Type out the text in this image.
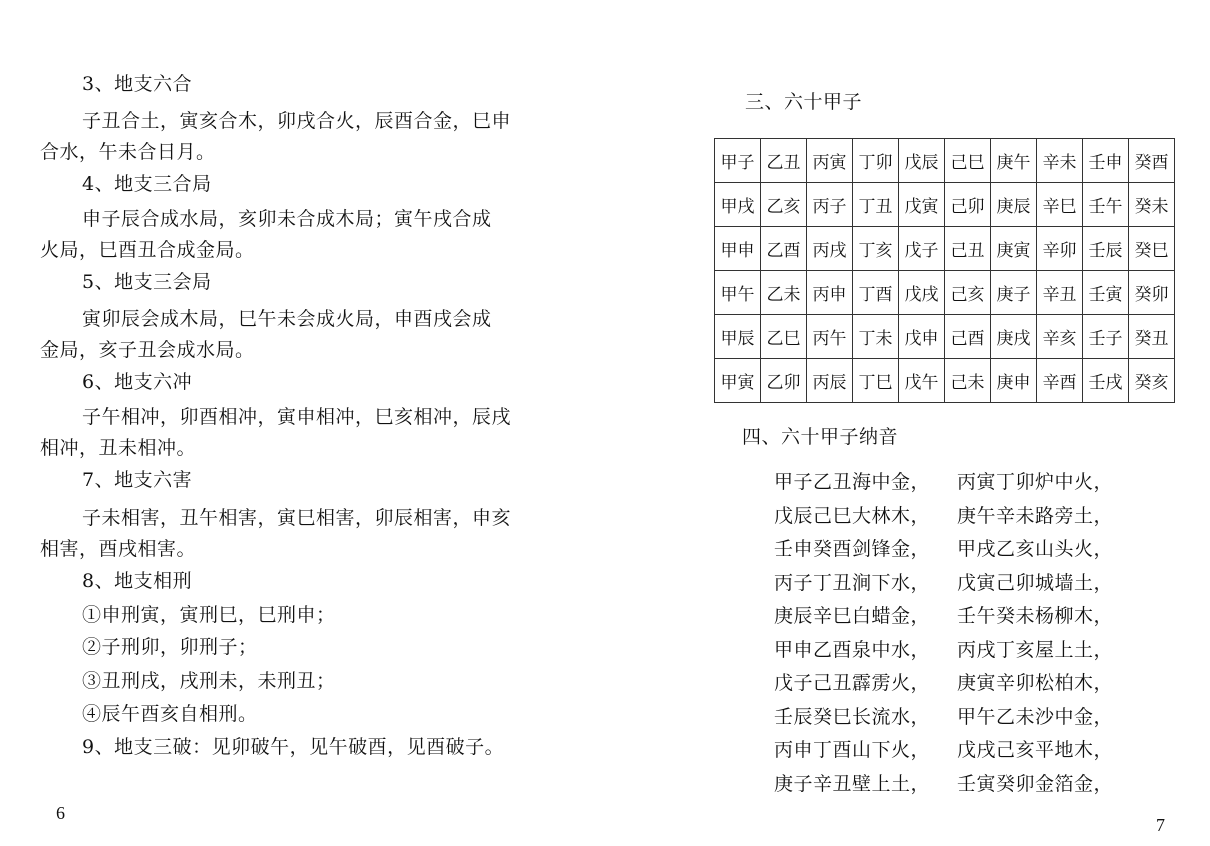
3、地支六合
子丑合土，寅亥合木，卯戌合火，辰酉合金，巳申
合水，午未合日月。
4、地支三合局
申子辰合成水局，亥卯未合成木局；寅午戌合成
火局，巳酉丑合成金局。
5、地支三会局
寅卯辰会成木局，巳午未会成火局，申酉戌会成
金局，亥子丑会成水局。
6、地支六冲
子午相冲，卯酉相冲，寅申相冲，巳亥相冲，辰戌
相冲，丑未相冲。
7、地支六害
子未相害，丑午相害，寅巳相害，卯辰相害，申亥
相害，酉戌相害。
8、地支相刑
①申刑寅，寅刑巳，巳刑申；
②子刑卯，卯刑子；
③丑刑戌，戌刑未，未刑丑；
④辰午酉亥自相刑。
9、地支三破：见卯破午，见午破酉，见酉破子。
6
三、六十甲子
甲子	乙丑	丙寅	丁卯	戊辰	己巳	庚午	辛未	壬申	癸酉
甲戌	乙亥	丙子	丁丑	戊寅	己卯	庚辰	辛巳	壬午	癸未
甲申	乙酉	丙戌	丁亥	戊子	己丑	庚寅	辛卯	壬辰	癸巳
甲午	乙未	丙申	丁酉	戊戌	己亥	庚子	辛丑	壬寅	癸卯
甲辰	乙巳	丙午	丁未	戊申	己酉	庚戌	辛亥	壬子	癸丑
甲寅	乙卯	丙辰	丁巳	戊午	己未	庚申	辛酉	壬戌	癸亥
四、六十甲子纳音
甲子乙丑海中金， 丙寅丁卯炉中火，
戊辰己巳大林木， 庚午辛未路旁土，
壬申癸酉剑锋金， 甲戌乙亥山头火，
丙子丁丑涧下水， 戊寅己卯城墙土，
庚辰辛巳白蜡金， 壬午癸未杨柳木，
甲申乙酉泉中水， 丙戌丁亥屋上土，
戊子己丑霹雳火， 庚寅辛卯松柏木，
壬辰癸巳长流水， 甲午乙未沙中金，
丙申丁酉山下火， 戊戌己亥平地木，
庚子辛丑壁上土， 壬寅癸卯金箔金，
7
